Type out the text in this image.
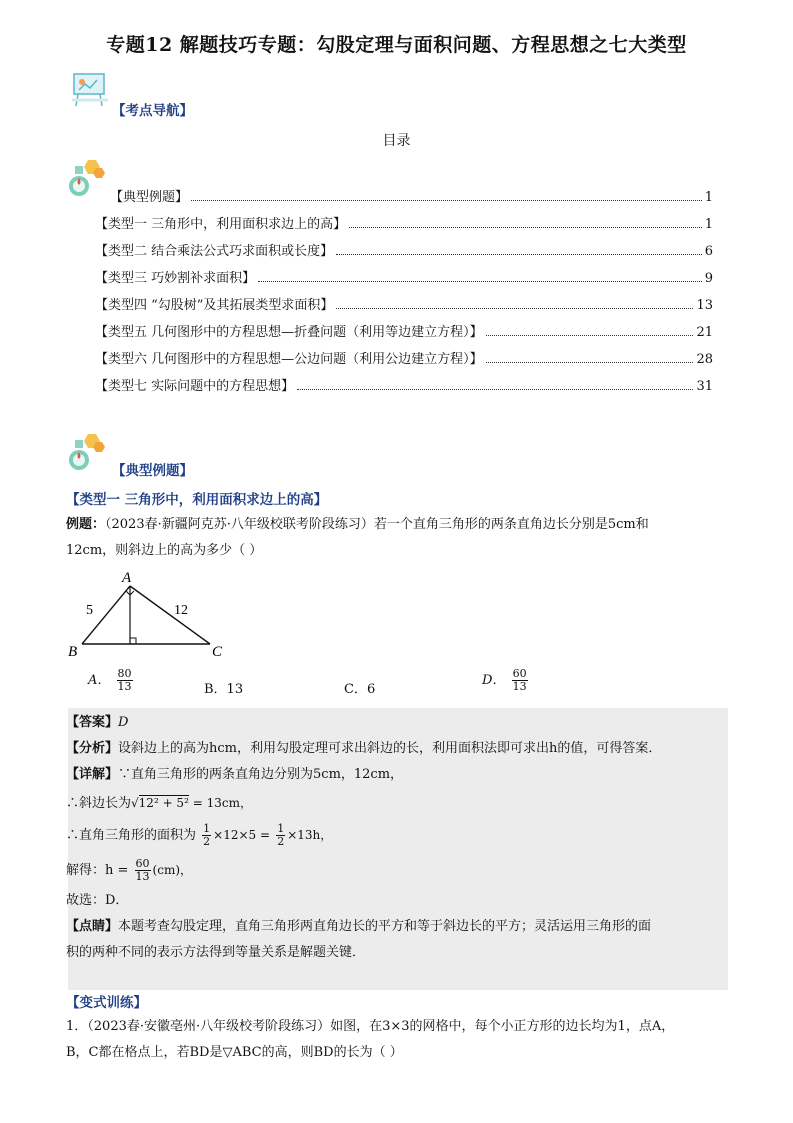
专题12 解题技巧专题：勾股定理与面积问题、方程思想之七大类型
【考点导航】
目录
【典型例题】	1
【类型一 三角形中，利用面积求边上的高】	1
【类型二 结合乘法公式巧求面积或长度】	6
【类型三 巧妙割补求面积】	9
【类型四 “勾股树”及其拓展类型求面积】	13
【类型五 几何图形中的方程思想—折叠问题（利用等边建立方程）】	21
【类型六 几何图形中的方程思想—公边问题（利用公边建立方程）】	28
【类型七 实际问题中的方程思想】	31
【典型例题】
【类型一 三角形中，利用面积求边上的高】
例题：（2023春·新疆阿克苏·八年级校联考阶段练习）若一个直角三角形的两条直角边长分别是5cm和
12cm，则斜边上的高为多少（ ）
A
B	C
5	12
A． $\frac{80}{13}$	B．13	C．6
D． $\frac{60}{13}$
【答案】D
【分析】设斜边上的高为hcm，利用勾股定理可求出斜边的长，利用面积法即可求出h的值，可得答案．
【详解】∵直角三角形的两条直角边分别为5cm，12cm，
∴斜边长为√12² + 5² = 13cm，
∴直角三角形的面积为 $\frac{1}{2} \times 12\times 5 = \frac{1}{2} \times 13h$，
解得：$h = \frac{60}{13} (cm)$，
故选：D．
【点睛】本题考查勾股定理，直角三角形两直角边长的平方和等于斜边长的平方；灵活运用三角形的面
积的两种不同的表示方法得到等量关系是解题关键．
【变式训练】
1．（2023春·安徽亳州·八年级校考阶段练习）如图，在3×3的网格中，每个小正方形的边长均为1，点A，
B，C都在格点上，若BD是▽ABC的高，则BD的长为（ ）
